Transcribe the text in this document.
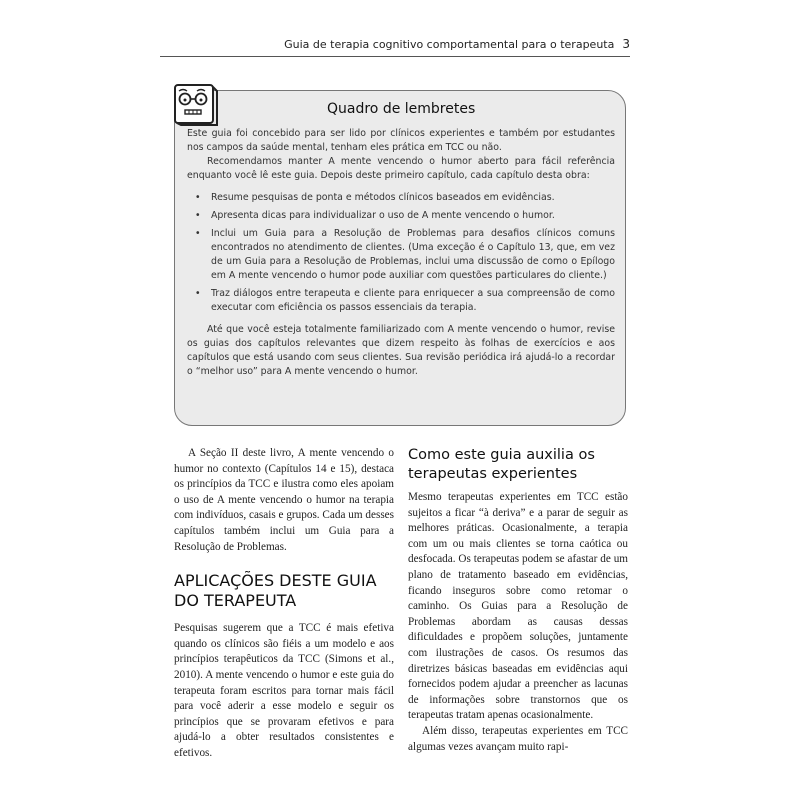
Guia de terapia cognitivo comportamental para o terapeuta 3
Quadro de lembretes

Este guia foi concebido para ser lido por clínicos experientes e também por estudantes nos campos da saúde mental, tenham eles prática em TCC ou não.

Recomendamos manter A mente vencendo o humor aberto para fácil referência enquanto você lê este guia. Depois deste primeiro capítulo, cada capítulo desta obra:

• Resume pesquisas de ponta e métodos clínicos baseados em evidências.
• Apresenta dicas para individualizar o uso de A mente vencendo o humor.
• Inclui um Guia para a Resolução de Problemas para desafios clínicos comuns encontrados no atendimento de clientes. (Uma exceção é o Capítulo 13, que, em vez de um Guia para a Resolução de Problemas, inclui uma discussão de como o Epílogo em A mente vencendo o humor pode auxiliar com questões particulares do cliente.)
• Traz diálogos entre terapeuta e cliente para enriquecer a sua compreensão de como executar com eficiência os passos essenciais da terapia.

Até que você esteja totalmente familiarizado com A mente vencendo o humor, revise os guias dos capítulos relevantes que dizem respeito às folhas de exercícios e aos capítulos que está usando com seus clientes. Sua revisão periódica irá ajudá-lo a recordar o “melhor uso” para A mente vencendo o humor.

A Seção II deste livro, A mente vencendo o humor no contexto (Capítulos 14 e 15), destaca os princípios da TCC e ilustra como eles apoiam o uso de A mente vencendo o humor na terapia com indivíduos, casais e grupos. Cada um desses capítulos também inclui um Guia para a Resolução de Problemas.

APLICAÇÕES DESTE GUIA DO TERAPEUTA

Pesquisas sugerem que a TCC é mais efetiva quando os clínicos são fiéis a um modelo e aos princípios terapêuticos da TCC (Simons et al., 2010). A mente vencendo o humor e este guia do terapeuta foram escritos para tornar mais fácil para você aderir a esse modelo e seguir os princípios que se provaram efetivos e para ajudá-lo a obter resultados consistentes e efetivos.

Como este guia auxilia os terapeutas experientes

Mesmo terapeutas experientes em TCC estão sujeitos a ficar “à deriva” e a parar de seguir as melhores práticas. Ocasionalmente, a terapia com um ou mais clientes se torna caótica ou desfocada. Os terapeutas podem se afastar de um plano de tratamento baseado em evidências, ficando inseguros sobre como retomar o caminho. Os Guias para a Resolução de Problemas abordam as causas dessas dificuldades e propõem soluções, juntamente com ilustrações de casos. Os resumos das diretrizes básicas baseadas em evidências aqui fornecidos podem ajudar a preencher as lacunas de informações sobre transtornos que os terapeutas tratam apenas ocasionalmente.

Além disso, terapeutas experientes em TCC algumas vezes avançam muito rapi-
